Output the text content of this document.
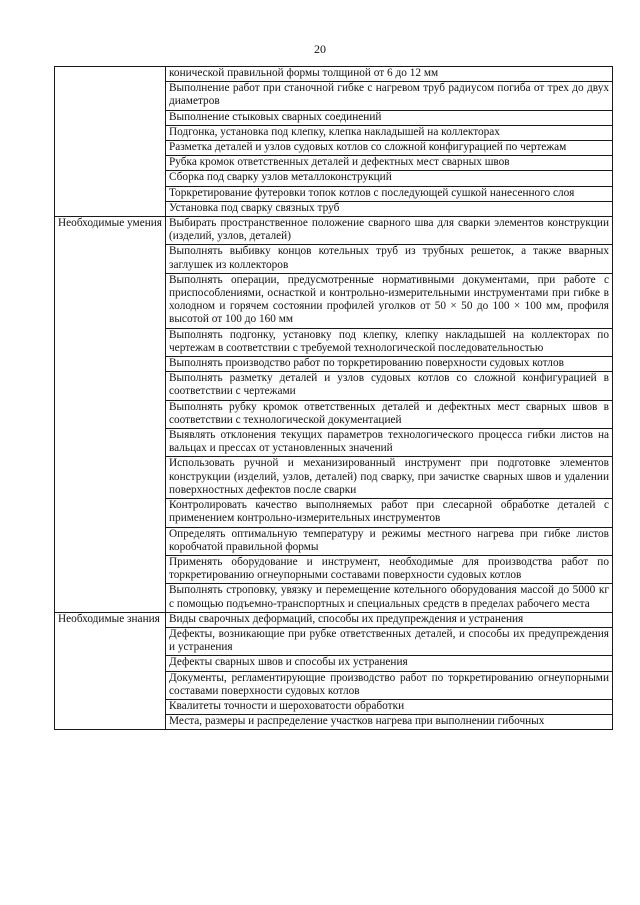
20
	конической правильной формы толщиной от 6 до 12 мм
	Выполнение работ при станочной гибке с нагревом труб радиусом погиба от трех до двух диаметров
	Выполнение стыковых сварных соединений
	Подгонка, установка под клепку, клепка накладышей на коллекторах
	Разметка деталей и узлов судовых котлов со сложной конфигурацией по чертежам
	Рубка кромок ответственных деталей и дефектных мест сварных швов
	Сборка под сварку узлов металлоконструкций
	Торкретирование футеровки топок котлов с последующей сушкой нанесенного слоя
	Установка под сварку связных труб
Необходимые умения	Выбирать пространственное положение сварного шва для сварки элементов конструкции (изделий, узлов, деталей)
	Выполнять выбивку концов котельных труб из трубных решеток, а также вварных заглушек из коллекторов
	Выполнять операции, предусмотренные нормативными документами, при работе с приспособлениями, оснасткой и контрольно-измерительными инструментами при гибке в холодном и горячем состоянии профилей уголков от 50 × 50 до 100 × 100 мм, профиля высотой от 100 до 160 мм
	Выполнять подгонку, установку под клепку, клепку накладышей на коллекторах по чертежам в соответствии с требуемой технологической последовательностью
	Выполнять производство работ по торкретированию поверхности судовых котлов
	Выполнять разметку деталей и узлов судовых котлов со сложной конфигурацией в соответствии с чертежами
	Выполнять рубку кромок ответственных деталей и дефектных мест сварных швов в соответствии с технологической документацией
	Выявлять отклонения текущих параметров технологического процесса гибки листов на вальцах и прессах от установленных значений
	Использовать ручной и механизированный инструмент при подготовке элементов конструкции (изделий, узлов, деталей) под сварку, при зачистке сварных швов и удалении поверхностных дефектов после сварки
	Контролировать качество выполняемых работ при слесарной обработке деталей с применением контрольно-измерительных инструментов
	Определять оптимальную температуру и режимы местного нагрева при гибке листов коробчатой правильной формы
	Применять оборудование и инструмент, необходимые для производства работ по торкретированию огнеупорными составами поверхности судовых котлов
	Выполнять строповку, увязку и перемещение котельного оборудования массой до 5000 кг с помощью подъемно-транспортных и специальных средств в пределах рабочего места
Необходимые знания	Виды сварочных деформаций, способы их предупреждения и устранения
	Дефекты, возникающие при рубке ответственных деталей, и способы их предупреждения и устранения
	Дефекты сварных швов и способы их устранения
	Документы, регламентирующие производство работ по торкретированию огнеупорными составами поверхности судовых котлов
	Квалитеты точности и шероховатости обработки
	Места, размеры и распределение участков нагрева при выполнении гибочных
